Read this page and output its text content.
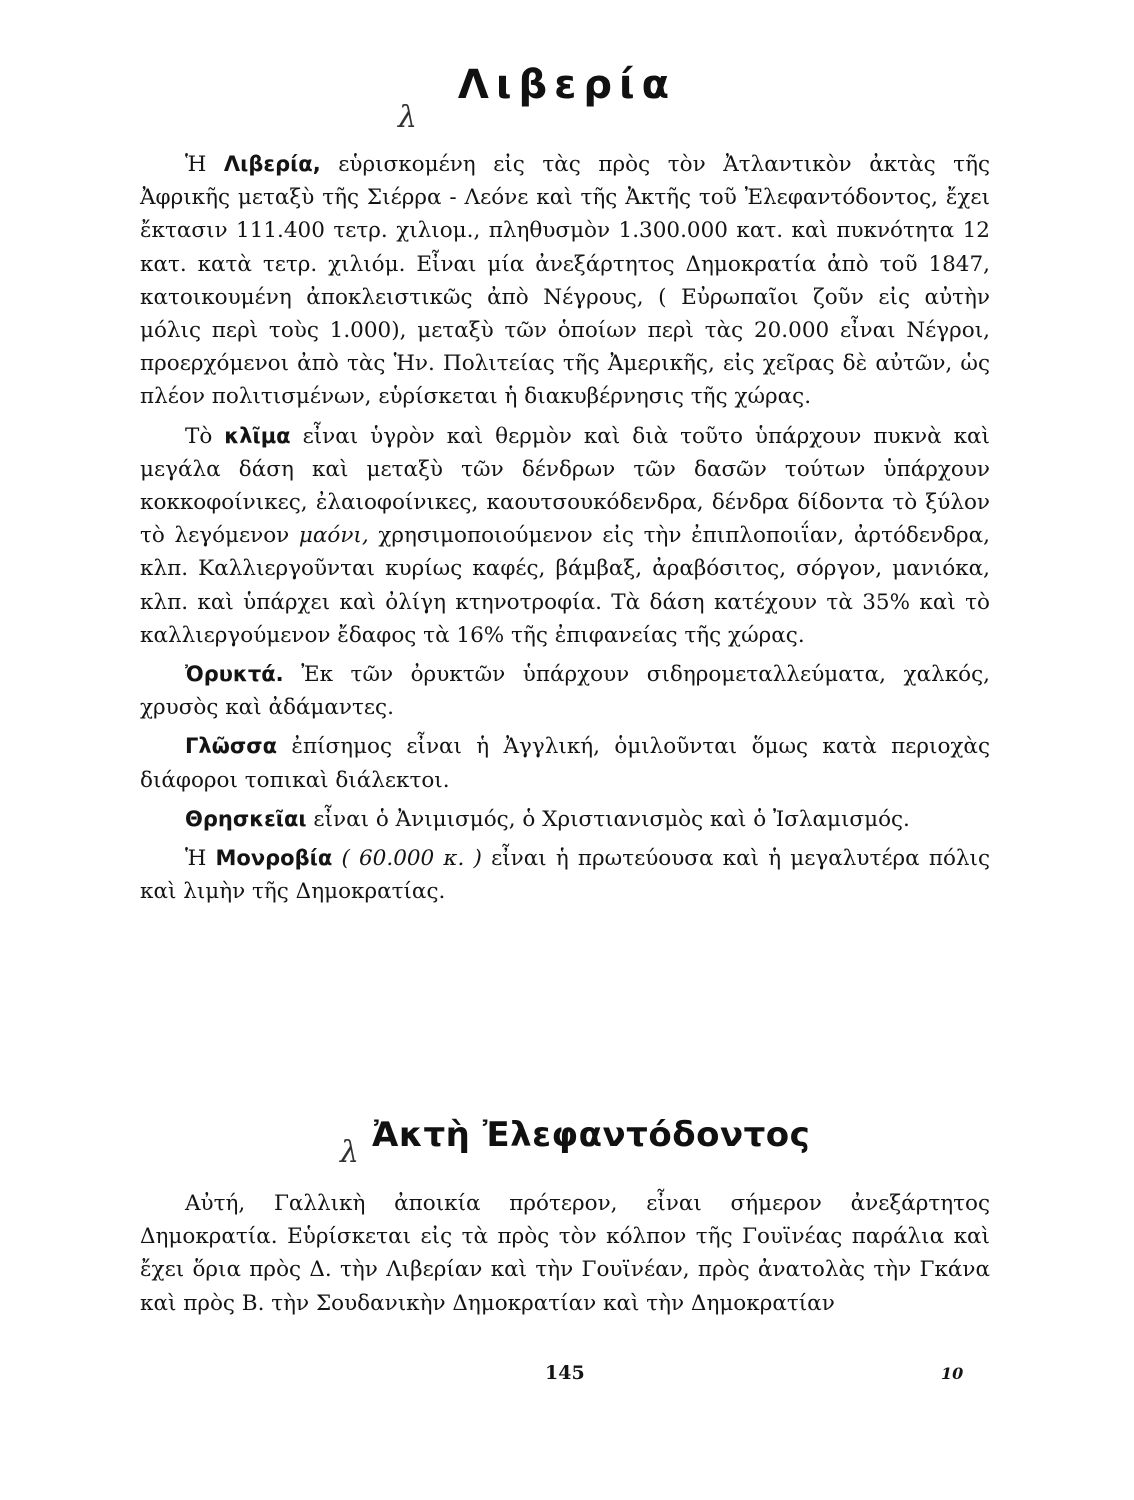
Λιβερία
λ

Ἡ Λιβερία, εὑρισκομένη εἰς τὰς πρὸς τὸν Ἀτλαντικὸν ἀκτὰς τῆς Ἀφρικῆς μεταξὺ τῆς Σιέρρα - Λεόνε καὶ τῆς Ἀκτῆς τοῦ Ἐλεφαντόδοντος, ἔχει ἔκτασιν 111.400 τετρ. χιλιομ., πληθυσμὸν 1.300.000 κατ. καὶ πυκνότητα 12 κατ. κατὰ τετρ. χιλιόμ. Εἶναι μία ἀνεξάρτητος Δημοκρατία ἀπὸ τοῦ 1847, κατοικουμένη ἀποκλειστικῶς ἀπὸ Νέγρους, ( Εὐρωπαῖοι ζοῦν εἰς αὐτὴν μόλις περὶ τοὺς 1.000), μεταξὺ τῶν ὁποίων περὶ τὰς 20.000 εἶναι Νέγροι, προερχόμενοι ἀπὸ τὰς Ἡν. Πολιτείας τῆς Ἀμερικῆς, εἰς χεῖρας δὲ αὐτῶν, ὡς πλέον πολιτισμένων, εὑρίσκεται ἡ διακυβέρνησις τῆς χώρας.

Τὸ κλῖμα εἶναι ὑγρὸν καὶ θερμὸν καὶ διὰ τοῦτο ὑπάρχουν πυκνὰ καὶ μεγάλα δάση καὶ μεταξὺ τῶν δένδρων τῶν δασῶν τούτων ὑπάρχουν κοκκοφοίνικες, ἐλαιοφοίνικες, καουτσουκόδενδρα, δένδρα δίδοντα τὸ ξύλον τὸ λεγόμενον μαόνι, χρησιμοποιούμενον εἰς τὴν ἐπιπλοποιΐαν, ἀρτόδενδρα, κλπ. Καλλιεργοῦνται κυρίως καφές, βάμβαξ, ἀραβόσιτος, σόργον, μανιόκα, κλπ. καὶ ὑπάρχει καὶ ὀλίγη κτηνοτροφία. Τὰ δάση κατέχουν τὰ 35% καὶ τὸ καλλιεργούμενον ἔδαφος τὰ 16% τῆς ἐπιφανείας τῆς χώρας.

Ὀρυκτά. Ἐκ τῶν ὀρυκτῶν ὑπάρχουν σιδηρομεταλλεύματα, χαλκός, χρυσὸς καὶ ἀδάμαντες.

Γλῶσσα ἐπίσημος εἶναι ἡ Ἀγγλική, ὁμιλοῦνται ὅμως κατὰ περιοχὰς διάφοροι τοπικαὶ διάλεκτοι.

Θρησκεῖαι εἶναι ὁ Ἀνιμισμός, ὁ Χριστιανισμὸς καὶ ὁ Ἰσλαμισμός.

Ἡ Μονροβία ( 60.000 κ. ) εἶναι ἡ πρωτεύουσα καὶ ἡ μεγαλυτέρα πόλις καὶ λιμὴν τῆς Δημοκρατίας.

λ Ἀκτὴ Ἐλεφαντόδοντος

Αὐτή, Γαλλικὴ ἀποικία πρότερον, εἶναι σήμερον ἀνεξάρτητος Δημοκρατία. Εὑρίσκεται εἰς τὰ πρὸς τὸν κόλπον τῆς Γουϊνέας παράλια καὶ ἔχει ὅρια πρὸς Δ. τὴν Λιβερίαν καὶ τὴν Γουϊνέαν, πρὸς ἀνατολὰς τὴν Γκάνα καὶ πρὸς Β. τὴν Σουδανικὴν Δημοκρατίαν καὶ τὴν Δημοκρατίαν

145	10
